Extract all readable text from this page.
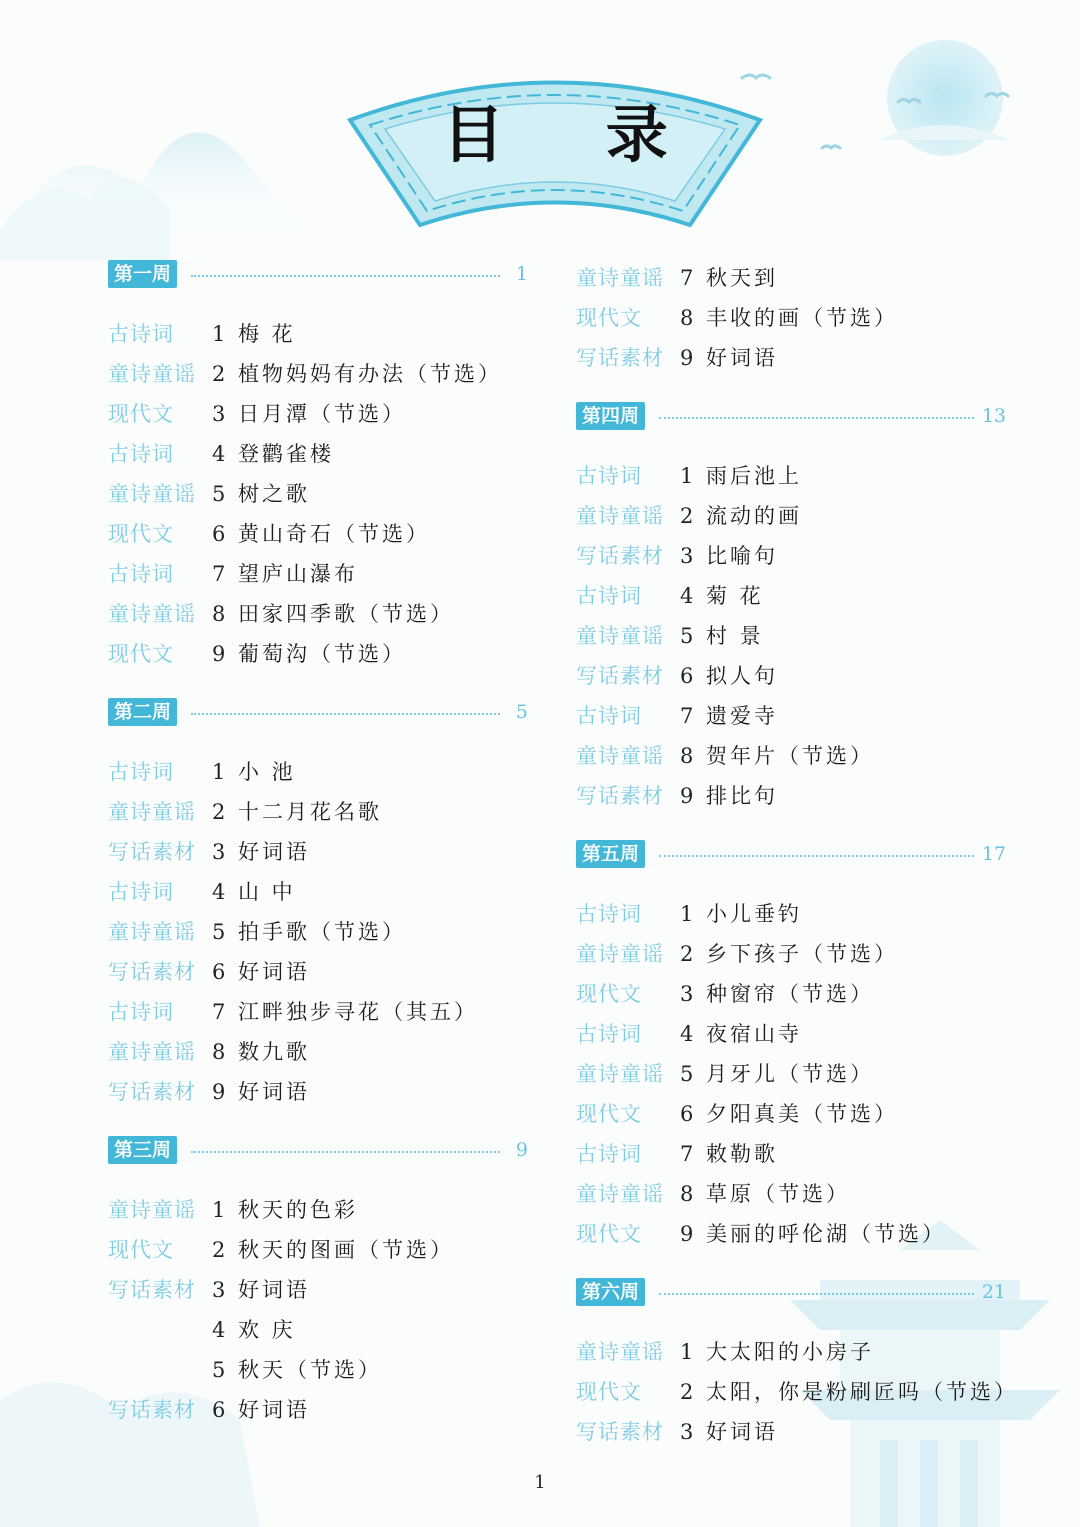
目 录
第一周	1
古诗词	1 梅 花
童诗童谣 2 植物妈妈有办法（节选）
现代文	3 日月潭（节选）
古诗词	4 登鹳雀楼
童诗童谣 5 树之歌
现代文	6 黄山奇石（节选）
古诗词	7 望庐山瀑布
童诗童谣 8 田家四季歌（节选）
现代文	9 葡萄沟（节选）
第二周	5
古诗词	1 小 池
童诗童谣 2 十二月花名歌
写话素材 3 好词语
古诗词	4 山 中
童诗童谣 5 拍手歌（节选）
写话素材 6 好词语
古诗词	7 江畔独步寻花（其五）
童诗童谣 8 数九歌
写话素材 9 好词语
第三周	9
童诗童谣 1 秋天的色彩
现代文	2 秋天的图画（节选）
写话素材 3 好词语
4 欢 庆
5 秋天（节选）
写话素材 6 好词语
童诗童谣 7 秋天到
现代文	8 丰收的画（节选）
写话素材 9 好词语
第四周	13
古诗词	1 雨后池上
童诗童谣 2 流动的画
写话素材 3 比喻句
古诗词	4 菊 花
童诗童谣 5 村 景
写话素材 6 拟人句
古诗词	7 遗爱寺
童诗童谣 8 贺年片（节选）
写话素材 9 排比句
第五周	17
古诗词	1 小儿垂钓
童诗童谣 2 乡下孩子（节选）
现代文	3 种窗帘（节选）
古诗词	4 夜宿山寺
童诗童谣 5 月牙儿（节选）
现代文	6 夕阳真美（节选）
古诗词	7 敕勒歌
童诗童谣 8 草原（节选）
现代文	9 美丽的呼伦湖（节选）
第六周	21
童诗童谣 1 大太阳的小房子
现代文	2 太阳，你是粉刷匠吗（节选）
写话素材 3 好词语
1
